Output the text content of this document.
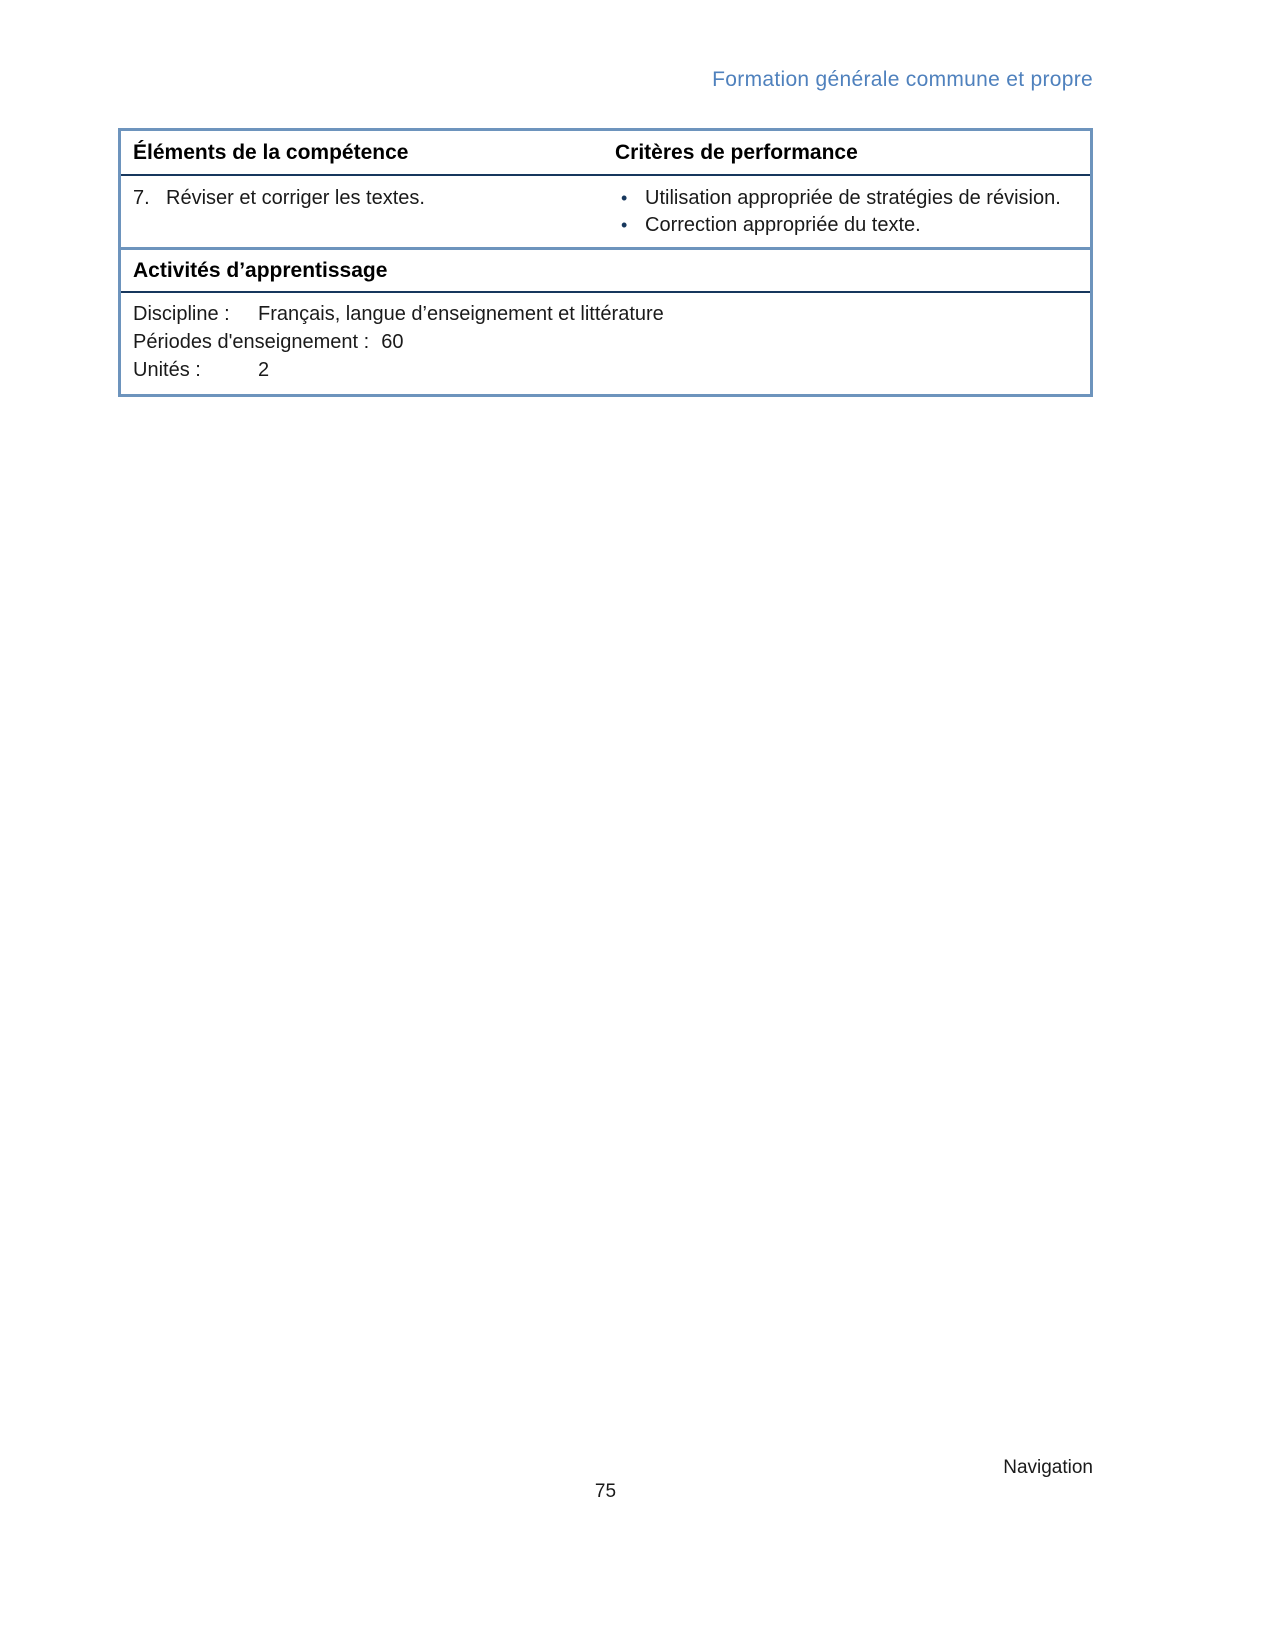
Formation générale commune et propre
Éléments de la compétence	Critères de performance
7. Réviser et corriger les textes.	• Utilisation appropriée de stratégies de révision.
• Correction appropriée du texte.
Activités d’apprentissage
Discipline :	Français, langue d’enseignement et littérature
Périodes d'enseignement : 60
Unités :	2
Navigation
75
